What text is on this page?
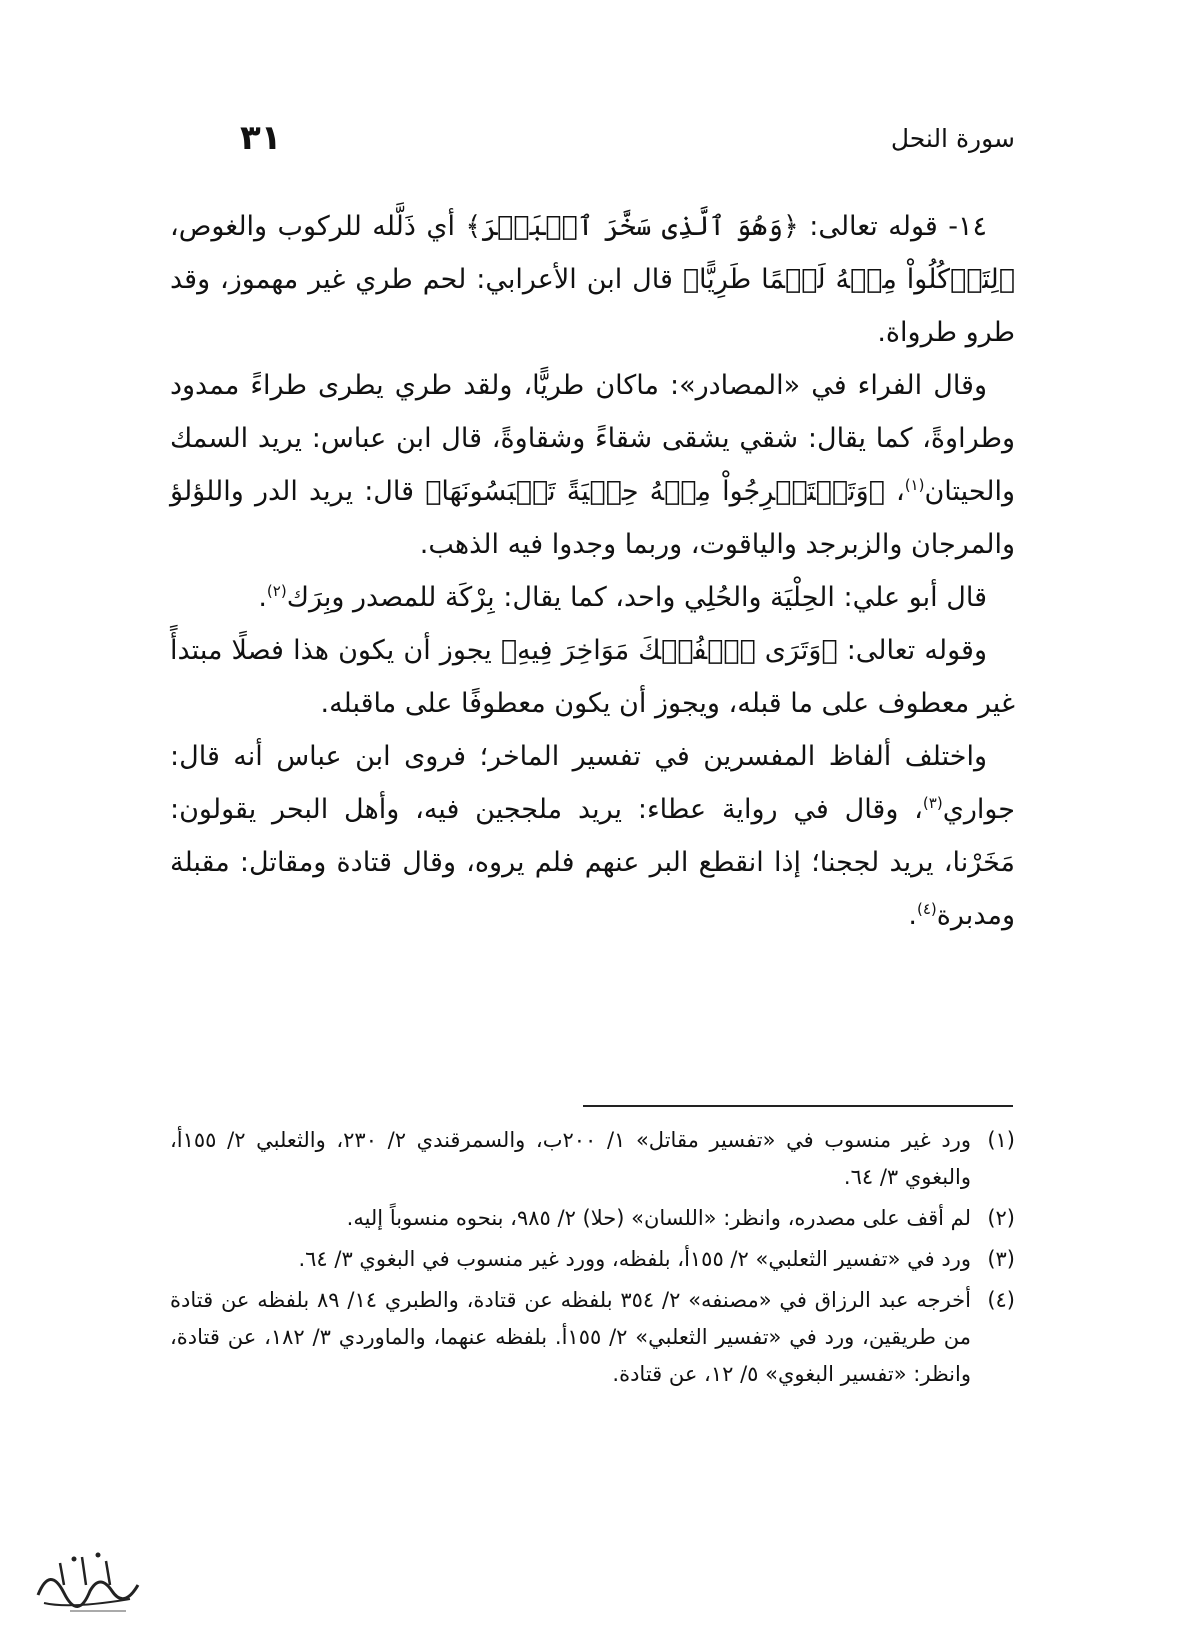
سورة النحل
٣١

١٤- قوله تعالى: ﴿وَهُوَ ٱلَّذِى سَخَّرَ ٱلۡبَحۡرَ﴾ أي ذَلَّله للركوب والغوص، ﴿لِتَأۡكُلُواْ مِنۡهُ لَحۡمًا طَرِيًّا﴾ قال ابن الأعرابي: لحم طري غير مهموز، وقد طرو طرواة.

وقال الفراء في «المصادر»: ماكان طريًّا، ولقد طري يطرى طراءً ممدود وطراوةً، كما يقال: شقي يشقى شقاءً وشقاوةً، قال ابن عباس: يريد السمك والحيتان$^{(١)}$، ﴿وَتَسۡتَخۡرِجُواْ مِنۡهُ حِلۡيَةً تَلۡبَسُونَهَا﴾ قال: يريد الدر واللؤلؤ والمرجان والزبرجد والياقوت، وربما وجدوا فيه الذهب.

قال أبو علي: الحِلْيَة والحُلِي واحد، كما يقال: بِرْكَة للمصدر وبِرَك$^{(٢)}$.

وقوله تعالى: ﴿وَتَرَى ٱلۡفُلۡكَ مَوَاخِرَ فِيهِ﴾ يجوز أن يكون هذا فصلًا مبتدأً غير معطوف على ما قبله، ويجوز أن يكون معطوفًا على ماقبله.

واختلف ألفاظ المفسرين في تفسير الماخر؛ فروى ابن عباس أنه قال: جواري$^{(٣)}$، وقال في رواية عطاء: يريد ملججين فيه، وأهل البحر يقولون: مَخَرْنا، يريد لججنا؛ إذا انقطع البر عنهم فلم يروه، وقال قتادة ومقاتل: مقبلة ومدبرة$^{(٤)}$.

(١)
ورد غير منسوب في «تفسير مقاتل» ١/ ٢٠٠ب، والسمرقندي ٢/ ٢٣٠، والثعلبي ٢/ ١٥٥أ، والبغوي ٣/ ٦٤.
(٢)
لم أقف على مصدره، وانظر: «اللسان» (حلا) ٢/ ٩٨٥، بنحوه منسوباً إليه.
(٣)
ورد في «تفسير الثعلبي» ٢/ ١٥٥أ، بلفظه، وورد غير منسوب في البغوي ٣/ ٦٤.
(٤)
أخرجه عبد الرزاق في «مصنفه» ٢/ ٣٥٤ بلفظه عن قتادة، والطبري ١٤/ ٨٩ بلفظه عن قتادة من طريقين، ورد في «تفسير الثعلبي» ٢/ ١٥٥أ. بلفظه عنهما، والماوردي ٣/ ١٨٢، عن قتادة، وانظر: «تفسير البغوي» ٥/ ١٢، عن قتادة.
